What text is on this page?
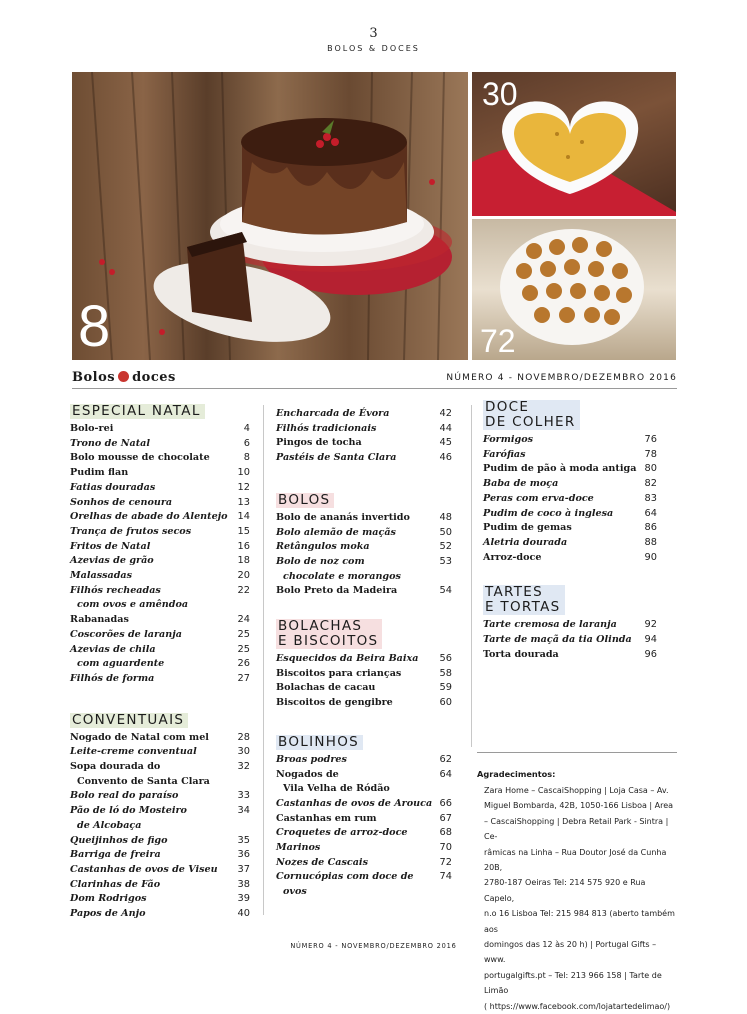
3
BOLOS & DOCES
8
30
72
Bolos doces	NÚMERO 4 - NOVEMBRO/DEZEMBRO 2016
ESPECIAL NATAL
Bolo-rei	4
Trono de Natal	6
Bolo mousse de chocolate	8
Pudim flan	10
Fatias douradas	12
Sonhos de cenoura	13
Orelhas de abade do Alentejo 14
Trança de frutos secos	15
Fritos de Natal	16
Azevias de grão	18
Malassadas	20
Filhós recheadas
com ovos e amêndoa
22
Rabanadas	24
Coscorões de laranja	25
Azevias de chila	25
com aguardente	26
Filhós de forma	27
CONVENTUAIS
Nogado de Natal com mel	28
Leite-creme conventual	30
Sopa dourada do
Convento de Santa Clara
32
Bolo real do paraíso	33
Pão de ló do Mosteiro
de Alcobaça
34
Queijinhos de figo	35
Barriga de freira	36
Castanhas de ovos de Viseu 37
Clarinhas de Fão	38
Dom Rodrigos	39
Papos de Anjo	40
Encharcada de Évora	42
Filhós tradicionais	44
Pingos de tocha	45
Pastéis de Santa Clara	46
BOLOS
Bolo de ananás invertido	48
Bolo alemão de maçãs	50
Retângulos moka	52
Bolo de noz com
chocolate e morangos
53
Bolo Preto da Madeira	54
BOLACHAS
E BISCOITOS
Esquecidos da Beira Baixa 56
Biscoitos para crianças	58
Bolachas de cacau	59
Biscoitos de gengibre	60
BOLINHOS
Broas podres	62
Nogados de
Vila Velha de Ródão
64
Castanhas de ovos de Arouca 66
Castanhas em rum	67
Croquetes de arroz-doce	68
Marinos	70
Nozes de Cascais	72
Cornucópias com doce de
ovos
74
DOCE
DE COLHER
Formigos	76
Farófias	78
Pudim de pão à moda antiga 80
Baba de moça	82
Peras com erva-doce	83
Pudim de coco à inglesa	64
Pudim de gemas	86
Aletria dourada	88
Arroz-doce	90
TARTES
E TORTAS
Tarte cremosa de laranja	92
Tarte de maçã da tia Olinda 94
Torta dourada	96
Agradecimentos:
Zara Home – CascaiShopping | Loja Casa – Av.
Miguel Bombarda, 42B, 1050-166 Lisboa | Area
– CascaiShopping | Debra Retail Park - Sintra | Ce-
râmicas na Linha – Rua Doutor José da Cunha 20B,
2780-187 Oeiras Tel: 214 575 920 e Rua Capelo,
n.o 16 Lisboa Tel: 215 984 813 (aberto também aos
domingos das 12 às 20 h) | Portugal Gifts – www.
portugalgifts.pt – Tel: 213 966 158 | Tarte de Limão
( https://www.facebook.com/lojatartedelimao/)
NÚMERO 4 - NOVEMBRO/DEZEMBRO 2016
